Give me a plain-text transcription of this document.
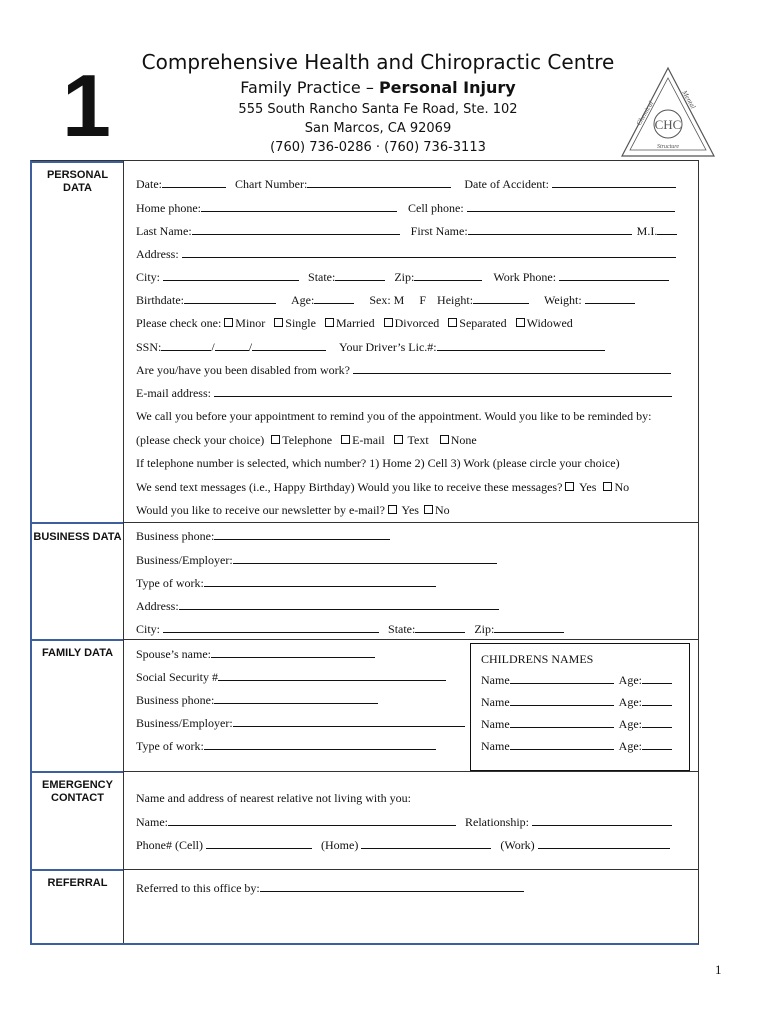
1	Comprehensive Health and Chiropractic Centre
Family Practice – Personal Injury
555 South Rancho Santa Fe Road, Ste. 102
San Marcos, CA 92069
(760) 736-0286 · (760) 736-3113
CHC
Chemical
Mental
Structure
PERSONAL DATA
BUSINESS DATA
FAMILY DATA
EMERGENCY CONTACT
REFERRAL
Date:	Chart Number:	Date of Accident:
Home phone:	Cell phone:
Last Name:	First Name:	M.I.
Address:
City:	State:	Zip:	Work Phone:
Birthdate:	Age:	Sex: M F Height:	Weight:
Please check one: Minor Single Married Divorced Separated Widowed
SSN:	/	/	Your Driver’s Lic.#:
Are you/have you been disabled from work?
E-mail address:
We call you before your appointment to remind you of the appointment. Would you like to be reminded by:
(please check your choice) Telephone E-mail Text None
If telephone number is selected, which number? 1) Home 2) Cell 3) Work (please circle your choice)
We send text messages (i.e., Happy Birthday) Would you like to receive these messages? Yes No
Would you like to receive our newsletter by e-mail? Yes No
Business phone:
Business/Employer:
Type of work:
Address:
City:	State:	Zip:
Spouse’s name:
Social Security #
Business phone:
Business/Employer:
Type of work:
CHILDRENS NAMES
Name	Age:
Name	Age:
Name	Age:
Name	Age:
Name and address of nearest relative not living with you:
Name:	Relationship:
Phone# (Cell)	(Home)	(Work)
Referred to this office by:
1
